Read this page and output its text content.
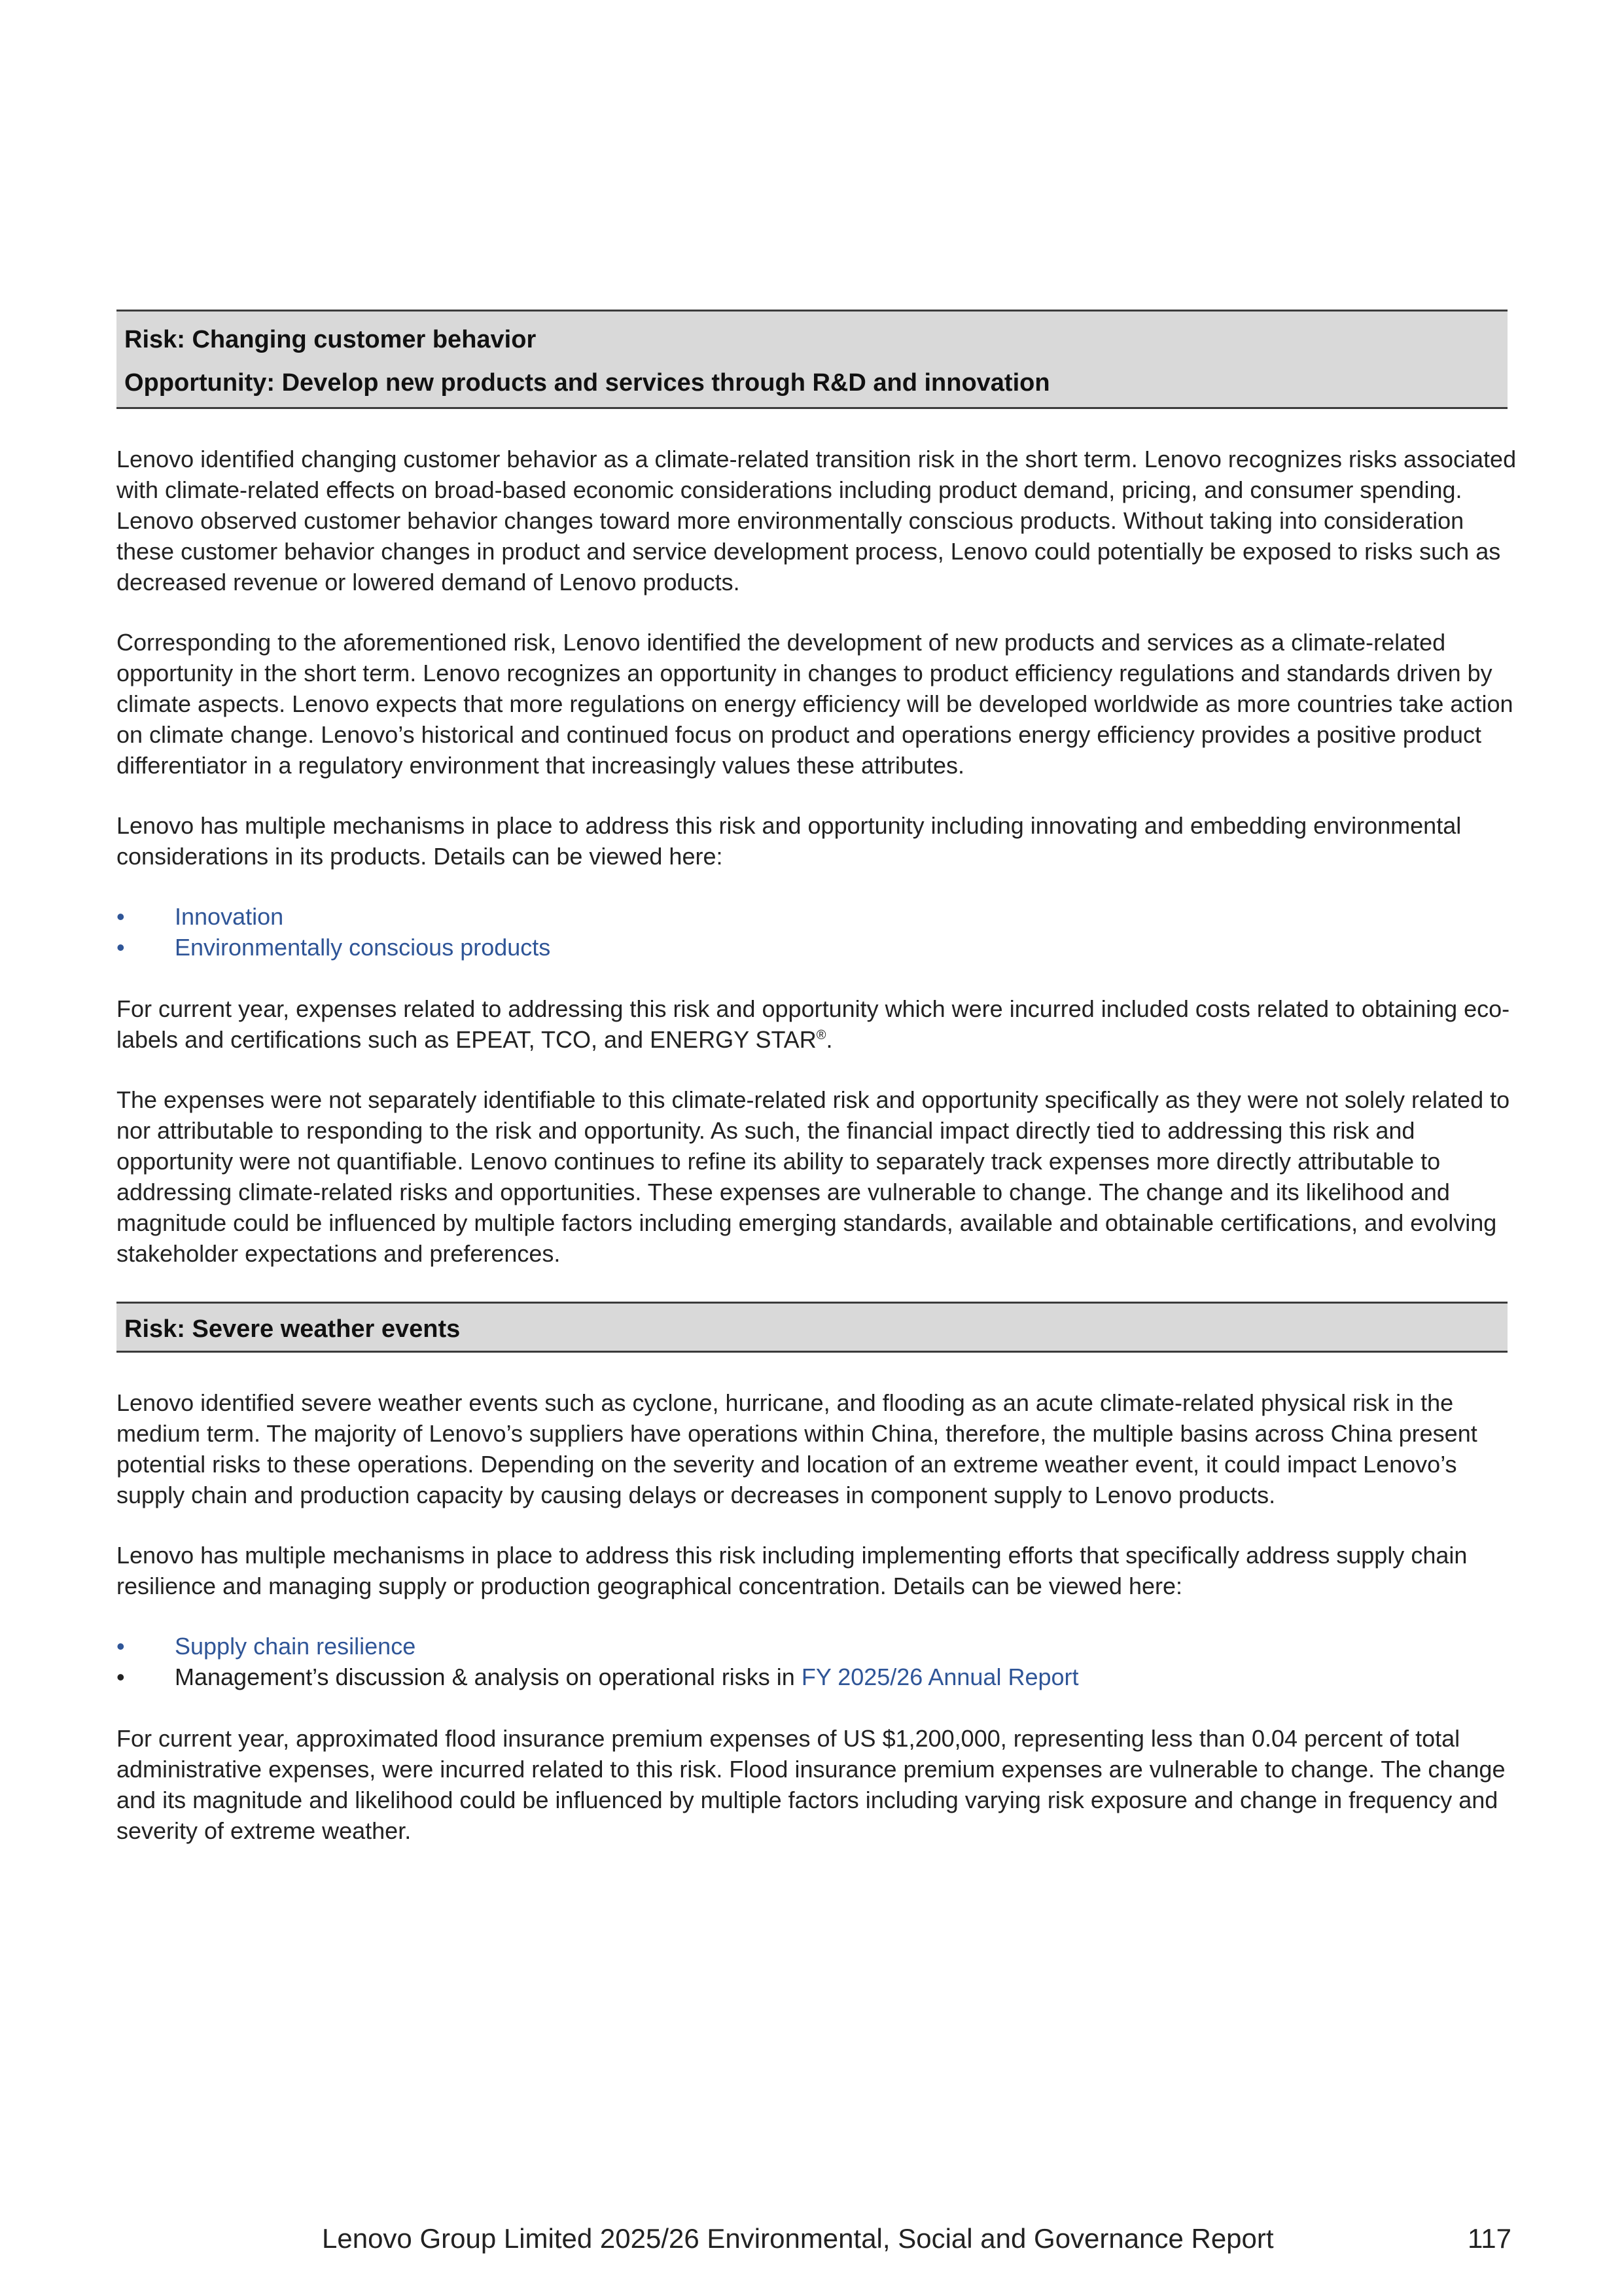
Risk: Changing customer behavior
Opportunity: Develop new products and services through R&D and innovation

Lenovo identified changing customer behavior as a climate-related transition risk in the short term. Lenovo recognizes risks associated with climate-related effects on broad-based economic considerations including product demand, pricing, and consumer spending. Lenovo observed customer behavior changes toward more environmentally conscious products. Without taking into consideration these customer behavior changes in product and service development process, Lenovo could potentially be exposed to risks such as decreased revenue or lowered demand of Lenovo products.

Corresponding to the aforementioned risk, Lenovo identified the development of new products and services as a climate-related opportunity in the short term. Lenovo recognizes an opportunity in changes to product efficiency regulations and standards driven by climate aspects. Lenovo expects that more regulations on energy efficiency will be developed worldwide as more countries take action on climate change. Lenovo’s historical and continued focus on product and operations energy efficiency provides a positive product differentiator in a regulatory environment that increasingly values these attributes.

Lenovo has multiple mechanisms in place to address this risk and opportunity including innovating and embedding environmental considerations in its products. Details can be viewed here:

•	Innovation
•	Environmentally conscious products

For current year, expenses related to addressing this risk and opportunity which were incurred included costs related to obtaining eco-labels and certifications such as EPEAT, TCO, and ENERGY STAR®.

The expenses were not separately identifiable to this climate-related risk and opportunity specifically as they were not solely related to nor attributable to responding to the risk and opportunity. As such, the financial impact directly tied to addressing this risk and opportunity were not quantifiable. Lenovo continues to refine its ability to separately track expenses more directly attributable to addressing climate-related risks and opportunities. These expenses are vulnerable to change. The change and its likelihood and magnitude could be influenced by multiple factors including emerging standards, available and obtainable certifications, and evolving stakeholder expectations and preferences.

Risk: Severe weather events

Lenovo identified severe weather events such as cyclone, hurricane, and flooding as an acute climate-related physical risk in the medium term. The majority of Lenovo’s suppliers have operations within China, therefore, the multiple basins across China present potential risks to these operations. Depending on the severity and location of an extreme weather event, it could impact Lenovo’s supply chain and production capacity by causing delays or decreases in component supply to Lenovo products.

Lenovo has multiple mechanisms in place to address this risk including implementing efforts that specifically address supply chain resilience and managing supply or production geographical concentration. Details can be viewed here:

•	Supply chain resilience
•	Management’s discussion & analysis on operational risks in FY 2025/26 Annual Report

For current year, approximated flood insurance premium expenses of US $1,200,000, representing less than 0.04 percent of total administrative expenses, were incurred related to this risk. Flood insurance premium expenses are vulnerable to change. The change and its magnitude and likelihood could be influenced by multiple factors including varying risk exposure and change in frequency and severity of extreme weather.

Lenovo Group Limited 2025/26 Environmental, Social and Governance Report	117
